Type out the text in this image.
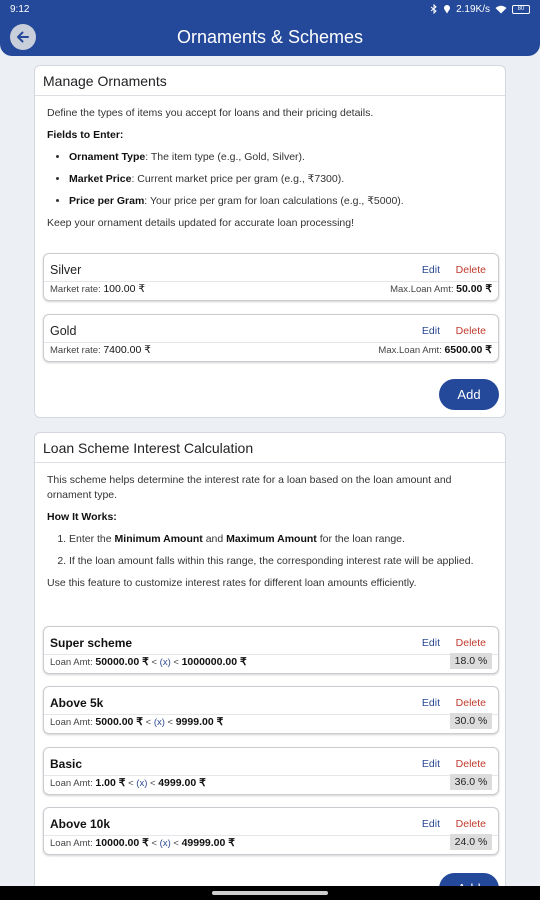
9:12	2.19K/s	80
Ornaments & Schemes
Manage Ornaments

Define the types of items you accept for loans and their pricing details.

Fields to Enter:

• Ornament Type: The item type (e.g., Gold, Silver).
• Market Price: Current market price per gram (e.g., ₹7300).
• Price per Gram: Your price per gram for loan calculations (e.g., ₹5000).

Keep your ornament details updated for accurate loan processing!

Silver	Edit Delete
Market rate: 100.00 ₹	Max.Loan Amt: 50.00 ₹
Gold	Edit Delete
Market rate: 7400.00 ₹	Max.Loan Amt: 6500.00 ₹
Add
Loan Scheme Interest Calculation

This scheme helps determine the interest rate for a loan based on the loan amount and ornament type.

How It Works:

1. Enter the Minimum Amount and Maximum Amount for the loan range.
2. If the loan amount falls within this range, the corresponding interest rate will be applied.

Use this feature to customize interest rates for different loan amounts efficiently.

Super scheme	Edit Delete
Loan Amt: 50000.00 ₹ < (x) < 1000000.00 ₹	18.0 %
Above 5k	Edit Delete
Loan Amt: 5000.00 ₹ < (x) < 9999.00 ₹	30.0 %
Basic	Edit Delete
Loan Amt: 1.00 ₹ < (x) < 4999.00 ₹	36.0 %
Above 10k	Edit Delete
Loan Amt: 10000.00 ₹ < (x) < 49999.00 ₹	24.0 %
